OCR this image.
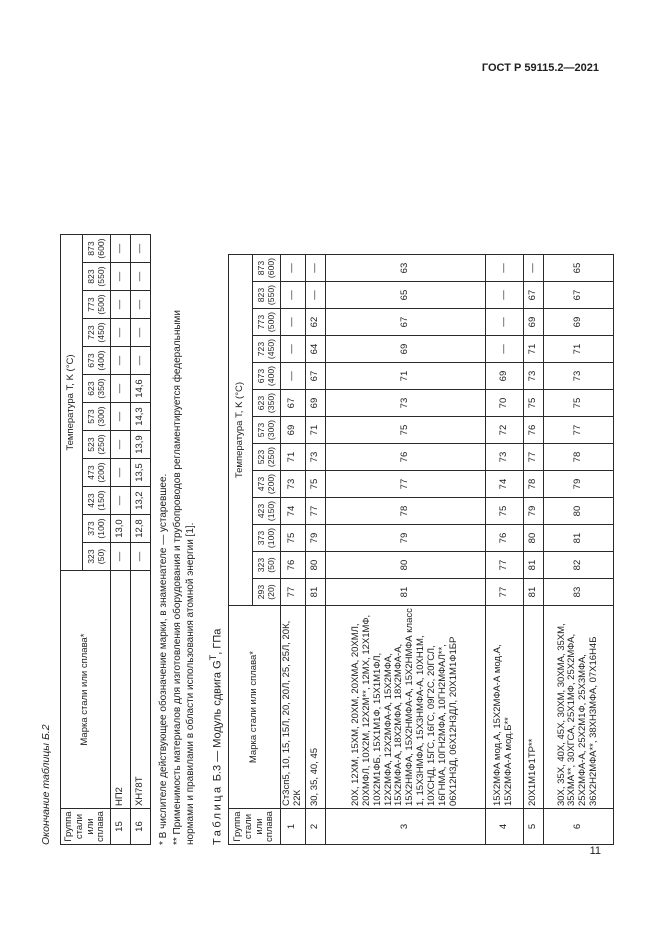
ГОСТ Р 59115.2—2021
Окончание таблицы Б.2 Группа стали или сплава	Марка стали или сплава*	Температура T, K (°C)											
		323 (50)	373 (100)	423 (150)	473 (200)	523 (250)	573 (300)	623 (350)	673 (400)	723 (450)	773 (500)	823 (550)	873 (600)
15	НП2	—	13,0	—	—	—	—	—	—	—	—	—	—
16	ХН78Т	—	12,8	13,2	13,5	13,9	14,3	14,6	—	—	—	—	—
* В числителе действующее обозначение марки, в знаменателе — устаревшее. ** Применимость материалов для изготовления оборудования и трубопроводов регламентируется федеральными нормами и правилами в области использования атомной энергии [1].	Таблица Б.3 — Модуль сдвига $G^T$, ГПа
Группа стали или сплава	Марка стали или сплава*	Температура T, K (°C)												
		293 (20)	323 (50)	373 (100)	423 (150)	473 (200)	523 (250)	573 (300)	623 (350)	673 (400)	723 (450)	773 (500)	823 (550)	873 (600)
1	Ст3сп5, 10, 15, 15Л, 20, 20Л, 25, 25Л, 20К, 22К	77	76	75	74	73	71	69	67	—	—	—	—	—
2	30, 35, 40, 45	81	80	79	77	75	73	71	69	67	64	62	—	—
3	20Х, 12ХМ, 15ХМ, 20ХМ, 20ХМА, 20ХМЛ, 20ХМФЛ, 10Х2М, 12Х2М**, 12МХ, 12Х1МФ, 10Х2М1ФБ, 15Х1М1Ф, 15Х1М1ФЛ, 12Х2МФА, 12Х2МФА-А, 15Х2МФА, 15Х2МФА-А, 18Х2МФА, 18Х2МФА-А, 15Х2НМФА, 15Х2НМФА-А, 15Х2НМФА класс 1, 15Х3НМФА, 15Х3НМФА-А, 10ХН1М, 10ХСНД, 15ГС, 16ГС, 09Г2С, 20ГСЛ, 16ГНМА, 10ГН2МФА, 10ГН2МФАЛ**, 06Х12Н3Д, 06Х12Н3ДЛ, 20Х1М1Ф1БР	81	80	79	78	77	76	75	73	71	69	67	65	63
4	15Х2МФА мод.А, 15Х2МФА-А мод.А, 15Х2МФА-А мод.Б**	77	77	76	75	74	73	72	70	69	—	—	—	—
5	20Х1М1Ф1ТР**	81	81	80	79	78	77	76	75	73	71	69	67	—
6	30Х, 35Х, 40Х, 45Х, 30ХМ, 30ХМА, 35ХМ, 35ХМА**, 30ХГСА, 25Х1МФ, 25Х2МФА, 25Х2МФА-А, 25Х2М1Ф, 25Х3МФА, 36Х2Н2МФА**, 38ХН3МФА, 07Х16Н4Б	83	82	81	80	79	78	77	75	73	71	69	67	65
11
